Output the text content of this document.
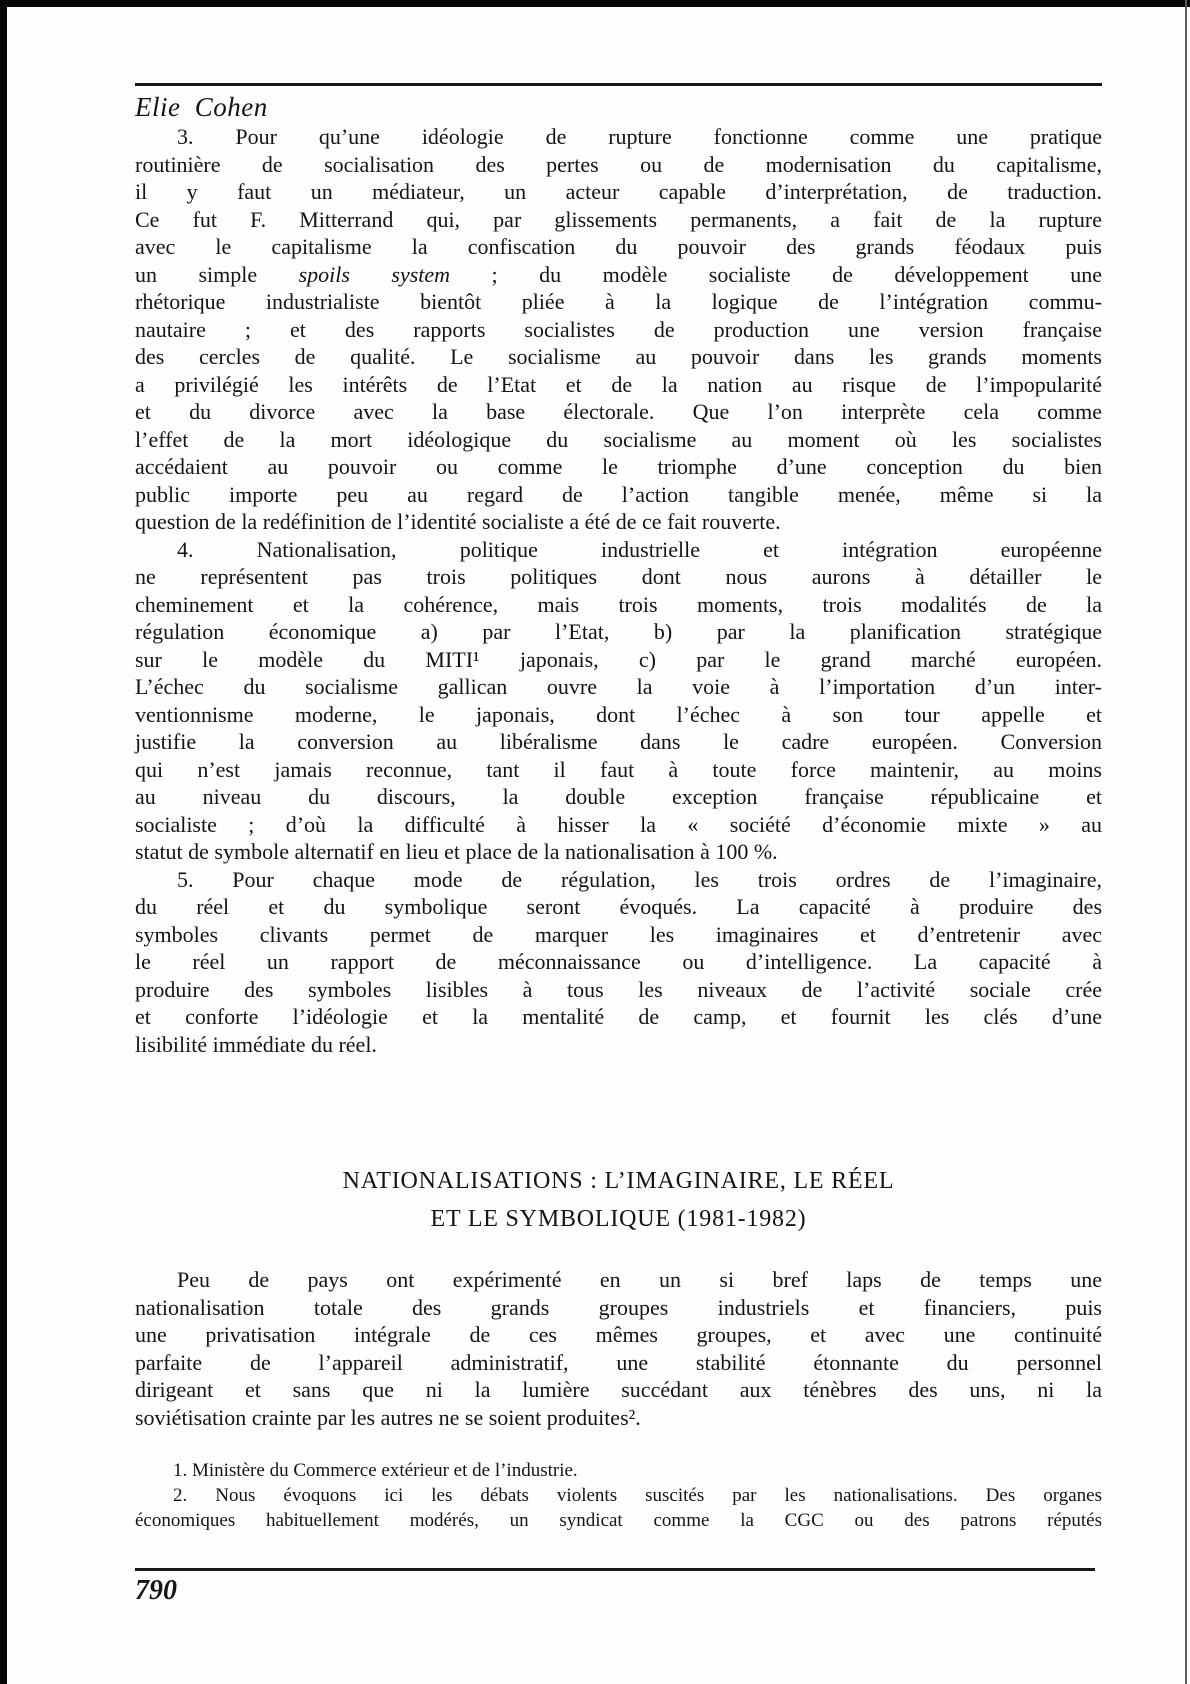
Elie Cohen
3. Pour qu’une idéologie de rupture fonctionne comme une pratique
routinière de socialisation des pertes ou de modernisation du capitalisme,
il y faut un médiateur, un acteur capable d’interprétation, de traduction.
Ce fut F. Mitterrand qui, par glissements permanents, a fait de la rupture
avec le capitalisme la confiscation du pouvoir des grands féodaux puis
un simple spoils system ; du modèle socialiste de développement une
rhétorique industrialiste bientôt pliée à la logique de l’intégration commu-
nautaire ; et des rapports socialistes de production une version française
des cercles de qualité. Le socialisme au pouvoir dans les grands moments
a privilégié les intérêts de l’Etat et de la nation au risque de l’impopularité
et du divorce avec la base électorale. Que l’on interprète cela comme
l’effet de la mort idéologique du socialisme au moment où les socialistes
accédaient au pouvoir ou comme le triomphe d’une conception du bien
public importe peu au regard de l’action tangible menée, même si la
question de la redéfinition de l’identité socialiste a été de ce fait rouverte.
4. Nationalisation, politique industrielle et intégration européenne
ne représentent pas trois politiques dont nous aurons à détailler le
cheminement et la cohérence, mais trois moments, trois modalités de la
régulation économique a) par l’Etat, b) par la planification stratégique
sur le modèle du MITI¹ japonais, c) par le grand marché européen.
L’échec du socialisme gallican ouvre la voie à l’importation d’un inter-
ventionnisme moderne, le japonais, dont l’échec à son tour appelle et
justifie la conversion au libéralisme dans le cadre européen. Conversion
qui n’est jamais reconnue, tant il faut à toute force maintenir, au moins
au niveau du discours, la double exception française républicaine et
socialiste ; d’où la difficulté à hisser la « société d’économie mixte » au
statut de symbole alternatif en lieu et place de la nationalisation à 100 %.
5. Pour chaque mode de régulation, les trois ordres de l’imaginaire,
du réel et du symbolique seront évoqués. La capacité à produire des
symboles clivants permet de marquer les imaginaires et d’entretenir avec
le réel un rapport de méconnaissance ou d’intelligence. La capacité à
produire des symboles lisibles à tous les niveaux de l’activité sociale crée
et conforte l’idéologie et la mentalité de camp, et fournit les clés d’une
lisibilité immédiate du réel.
NATIONALISATIONS : L’IMAGINAIRE, LE RÉEL
ET LE SYMBOLIQUE (1981-1982)
Peu de pays ont expérimenté en un si bref laps de temps une
nationalisation totale des grands groupes industriels et financiers, puis
une privatisation intégrale de ces mêmes groupes, et avec une continuité
parfaite de l’appareil administratif, une stabilité étonnante du personnel
dirigeant et sans que ni la lumière succédant aux ténèbres des uns, ni la
soviétisation crainte par les autres ne se soient produites².
1. Ministère du Commerce extérieur et de l’industrie.
2. Nous évoquons ici les débats violents suscités par les nationalisations. Des organes
économiques habituellement modérés, un syndicat comme la CGC ou des patrons réputés
790
